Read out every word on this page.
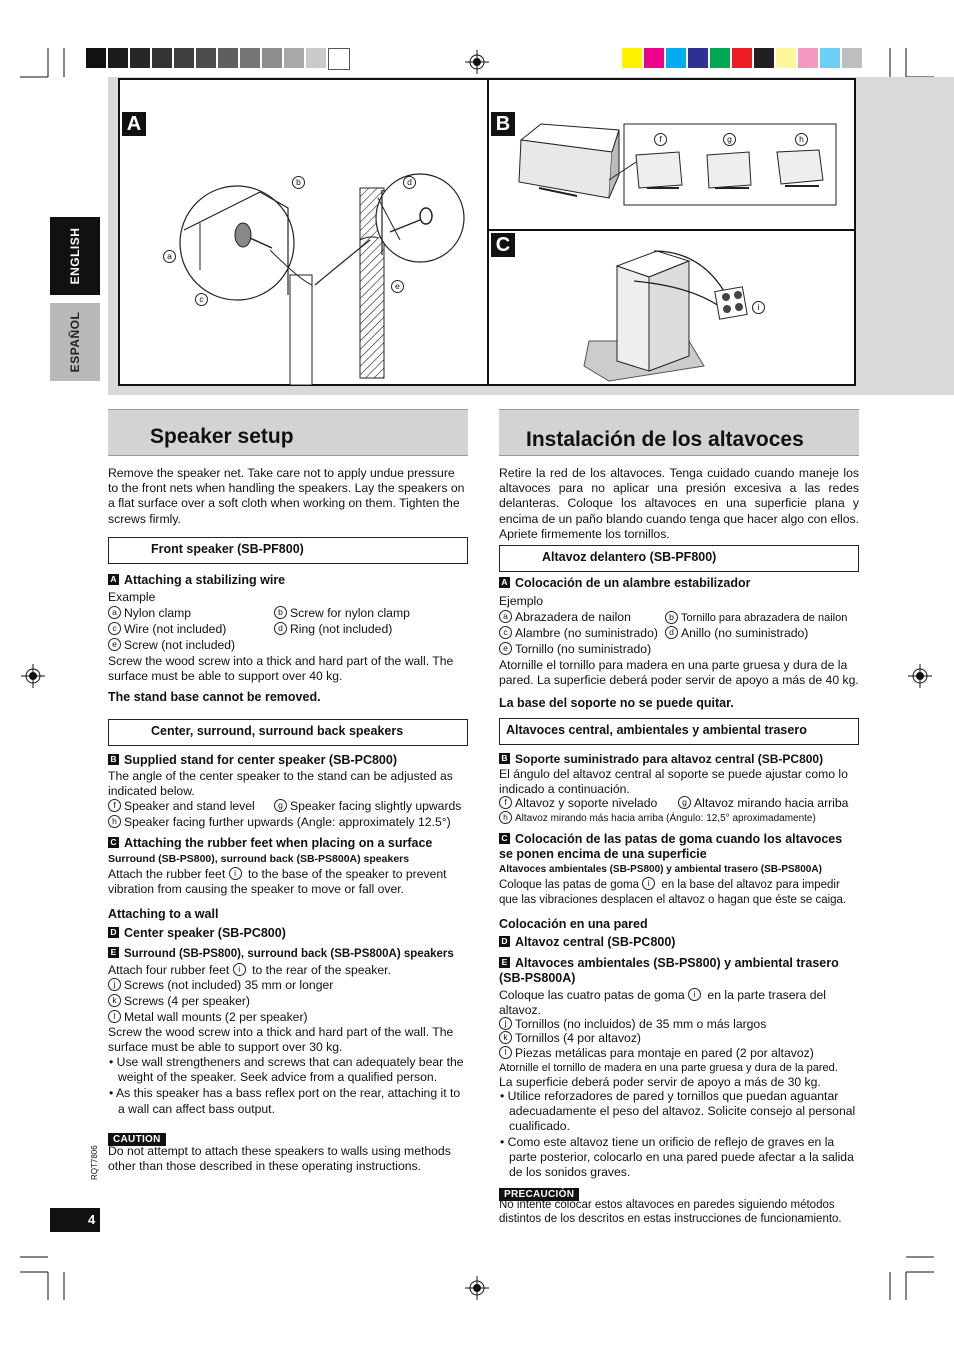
A	B
C
a
b
c
d
e
f	g	h
i
ENGLISH
ESPAÑOL
Speaker setup
Remove the speaker net. Take care not to apply undue pressure to the front nets when handling the speakers. Lay the speakers on a flat surface over a soft cloth when working on them. Tighten the screws firmly.
Front speaker (SB-PF800)
A Attaching a stabilizing wire
Example
a Nylon clamp	b Screw for nylon clamp
c Wire (not included)	d Ring (not included)
e Screw (not included)
Screw the wood screw into a thick and hard part of the wall. The surface must be able to support over 40 kg.
The stand base cannot be removed.
Center, surround, surround back speakers
B Supplied stand for center speaker (SB-PC800)
The angle of the center speaker to the stand can be adjusted as indicated below.
f Speaker and stand level	g Speaker facing slightly upwards
h Speaker facing further upwards (Angle: approximately 12.5°)
C Attaching the rubber feet when placing on a surface
Surround (SB-PS800), surround back (SB-PS800A) speakers
Attach the rubber feet i to the base of the speaker to prevent vibration from causing the speaker to move or fall over.
Attaching to a wall
D Center speaker (SB-PC800)
E Surround (SB-PS800), surround back (SB-PS800A) speakers
Attach four rubber feet i to the rear of the speaker.
j Screws (not included) 35 mm or longer
k Screws (4 per speaker)
l Metal wall mounts (2 per speaker)
Screw the wood screw into a thick and hard part of the wall. The surface must be able to support over 30 kg.
• Use wall strengtheners and screws that can adequately bear the weight of the speaker. Seek advice from a qualified person.
• As this speaker has a bass reflex port on the rear, attaching it to a wall can affect bass output.
CAUTION
Do not attempt to attach these speakers to walls using methods other than those described in these operating instructions.
Instalación de los altavoces
Retire la red de los altavoces. Tenga cuidado cuando maneje los altavoces para no aplicar una presión excesiva a las redes delanteras. Coloque los altavoces en una superficie plana y encima de un paño blando cuando tenga que hacer algo con ellos. Apriete firmemente los tornillos.
Altavoz delantero (SB-PF800)
A Colocación de un alambre estabilizador
Ejemplo
a Abrazadera de nailon	b Tornillo para abrazadera de nailon
c Alambre (no suministrado)	d Anillo (no suministrado)
e Tornillo (no suministrado)
Atornille el tornillo para madera en una parte gruesa y dura de la pared. La superficie deberá poder servir de apoyo a más de 40 kg.
La base del soporte no se puede quitar.
Altavoces central, ambientales y ambiental trasero
B Soporte suministrado para altavoz central (SB-PC800)
El ángulo del altavoz central al soporte se puede ajustar como lo indicado a continuación.
f Altavoz y soporte nivelado	g Altavoz mirando hacia arriba
h Altavoz mirando más hacia arriba (Ángulo: 12,5° aproximadamente)
C Colocación de las patas de goma cuando los altavoces se ponen encima de una superficie
Altavoces ambientales (SB-PS800) y ambiental trasero (SB-PS800A)
Coloque las patas de goma i en la base del altavoz para impedir que las vibraciones desplacen el altavoz o hagan que éste se caiga.
Colocación en una pared
D Altavoz central (SB-PC800)
E Altavoces ambientales (SB-PS800) y ambiental trasero (SB-PS800A)
Coloque las cuatro patas de goma i en la parte trasera del altavoz.
j Tornillos (no incluidos) de 35 mm o más largos
k Tornillos (4 por altavoz)
l Piezas metálicas para montaje en pared (2 por altavoz)
Atornille el tornillo de madera en una parte gruesa y dura de la pared.
La superficie deberá poder servir de apoyo a más de 30 kg.
• Utilice reforzadores de pared y tornillos que puedan aguantar adecuadamente el peso del altavoz. Solicite consejo al personal cualificado.
• Como este altavoz tiene un orificio de reflejo de graves en la parte posterior, colocarlo en una pared puede afectar a la salida de los sonidos graves.
PRECAUCIÓN
No intente colocar estos altavoces en paredes siguiendo métodos distintos de los descritos en estas instrucciones de funcionamiento.
4
RQT7806
